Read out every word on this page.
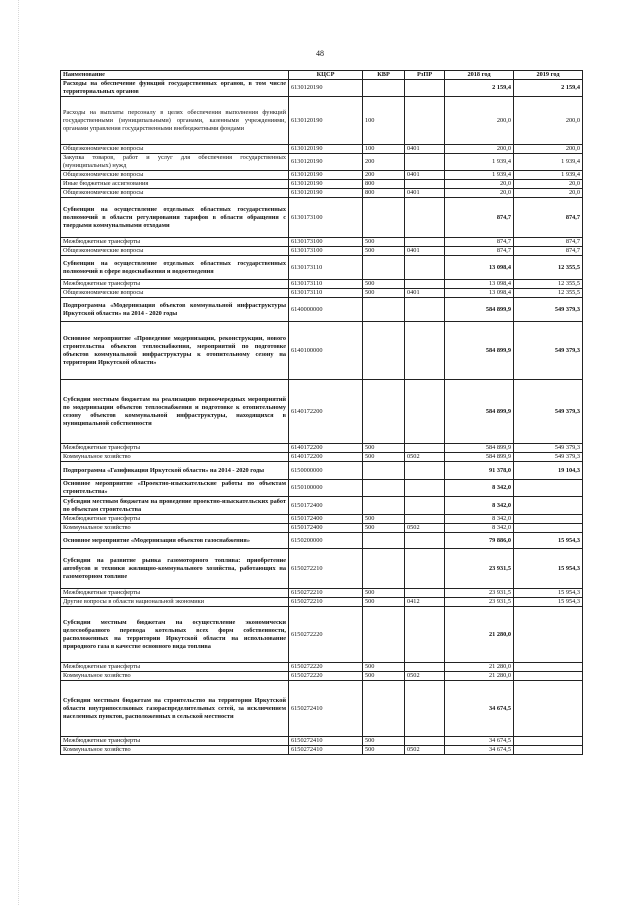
48
Наименование	КЦСР	КВР	РзПР	2018 год	2019 год
Расходы на обеспечение функций государственных органов, в том числе территориальных органов	6130120190			2 159,4	2 159,4
Расходы на выплаты персоналу в целях обеспечения выполнения функций государственными (муниципальными) органами, казенными учреждениями, органами управления государственными внебюджетными фондами	6130120190	100		200,0	200,0
Общеэкономические вопросы	6130120190	100	0401	200,0	200,0
Закупка товаров, работ и услуг для обеспечения государственных (муниципальных) нужд	6130120190	200		1 939,4	1 939,4
Общеэкономические вопросы	6130120190	200	0401	1 939,4	1 939,4
Иные бюджетные ассигнования	6130120190	800		20,0	20,0
Общеэкономические вопросы	6130120190	800	0401	20,0	20,0
Субвенции на осуществление отдельных областных государственных полномочий в области регулирования тарифов в области обращения с твердыми коммунальными отходами	6130173100			874,7	874,7
Межбюджетные трансферты	6130173100	500		874,7	874,7
Общеэкономические вопросы	6130173100	500	0401	874,7	874,7
Субвенции на осуществление отдельных областных государственных полномочий в сфере водоснабжения и водоотведения	6130173110			13 098,4	12 355,5
Межбюджетные трансферты	6130173110	500		13 098,4	12 355,5
Общеэкономические вопросы	6130173110	500	0401	13 098,4	12 355,5
Подпрограмма «Модернизация объектов коммунальной инфраструктуры Иркутской области» на 2014 - 2020 годы	6140000000			584 899,9	549 379,3
Основное мероприятие «Проведение модернизации, реконструкции, нового строительства объектов теплоснабжения, мероприятий по подготовке объектов коммунальной инфраструктуры к отопительному сезону на территории Иркутской области»	6140100000			584 899,9	549 379,3
Субсидии местным бюджетам на реализацию первоочередных мероприятий по модернизации объектов теплоснабжения и подготовке к отопительному сезону объектов коммунальной инфраструктуры, находящихся в муниципальной собственности	6140172200			584 899,9	549 379,3
Межбюджетные трансферты	6140172200	500		584 899,9	549 379,3
Коммунальное хозяйство	6140172200	500	0502	584 899,9	549 379,3
Подпрограмма «Газификация Иркутской области» на 2014 - 2020 годы	6150000000			91 378,0	19 104,3
Основное мероприятие «Проектно-изыскательские работы по объектам строительства»	6150100000			8 342,0	
Субсидии местным бюджетам на проведение проектно-изыскательских работ по объектам строительства	6150172400			8 342,0	
Межбюджетные трансферты	6150172400	500		8 342,0	
Коммунальное хозяйство	6150172400	500	0502	8 342,0	
Основное мероприятие «Модернизация объектов газоснабжения»	6150200000			79 886,0	15 954,3
Субсидии на развитие рынка газомоторного топлива: приобретение автобусов и техники жилищно-коммунального хозяйства, работающих на газомоторном топливе	6150272210			23 931,5	15 954,3
Межбюджетные трансферты	6150272210	500		23 931,5	15 954,3
Другие вопросы в области национальной экономики	6150272210	500	0412	23 931,5	15 954,3
Субсидии местным бюджетам на осуществление экономически целесообразного перевода котельных всех форм собственности, расположенных на территории Иркутской области на использование природного газа в качестве основного вида топлива	6150272220			21 280,0	
Межбюджетные трансферты	6150272220	500		21 280,0	
Коммунальное хозяйство	6150272220	500	0502	21 280,0	
Субсидии местным бюджетам на строительство на территории Иркутской области внутрипоселковых газораспределительных сетей, за исключением населенных пунктов, расположенных в сельской местности	6150272410			34 674,5	
Межбюджетные трансферты	6150272410	500		34 674,5	
Коммунальное хозяйство	6150272410	500	0502	34 674,5	
